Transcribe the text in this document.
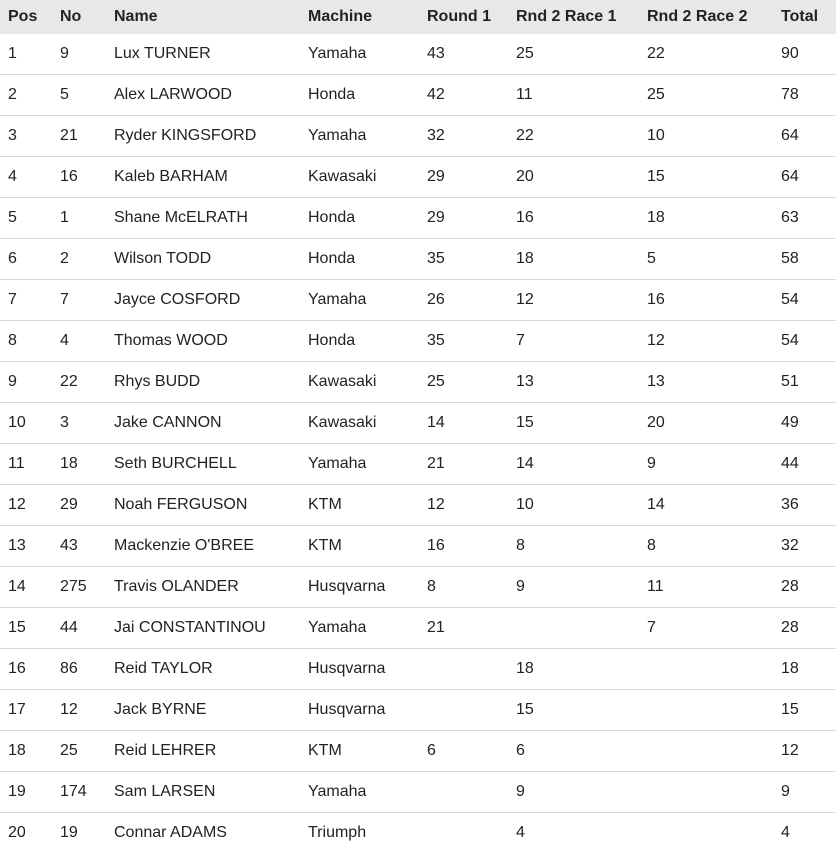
Pos	No	Name	Machine	Round 1	Rnd 2 Race 1	Rnd 2 Race 2	Total
1	9	Lux TURNER	Yamaha	43	25	22	90
2	5	Alex LARWOOD	Honda	42	11	25	78
3	21	Ryder KINGSFORD	Yamaha	32	22	10	64
4	16	Kaleb BARHAM	Kawasaki	29	20	15	64
5	1	Shane McELRATH	Honda	29	16	18	63
6	2	Wilson TODD	Honda	35	18	5	58
7	7	Jayce COSFORD	Yamaha	26	12	16	54
8	4	Thomas WOOD	Honda	35	7	12	54
9	22	Rhys BUDD	Kawasaki	25	13	13	51
10	3	Jake CANNON	Kawasaki	14	15	20	49
11	18	Seth BURCHELL	Yamaha	21	14	9	44
12	29	Noah FERGUSON	KTM	12	10	14	36
13	43	Mackenzie O'BREE	KTM	16	8	8	32
14	275	Travis OLANDER	Husqvarna	8	9	11	28
15	44	Jai CONSTANTINOU	Yamaha	21		7	28
16	86	Reid TAYLOR	Husqvarna		18		18
17	12	Jack BYRNE	Husqvarna		15		15
18	25	Reid LEHRER	KTM	6	6		12
19	174	Sam LARSEN	Yamaha		9		9
20	19	Connar ADAMS	Triumph		4		4
